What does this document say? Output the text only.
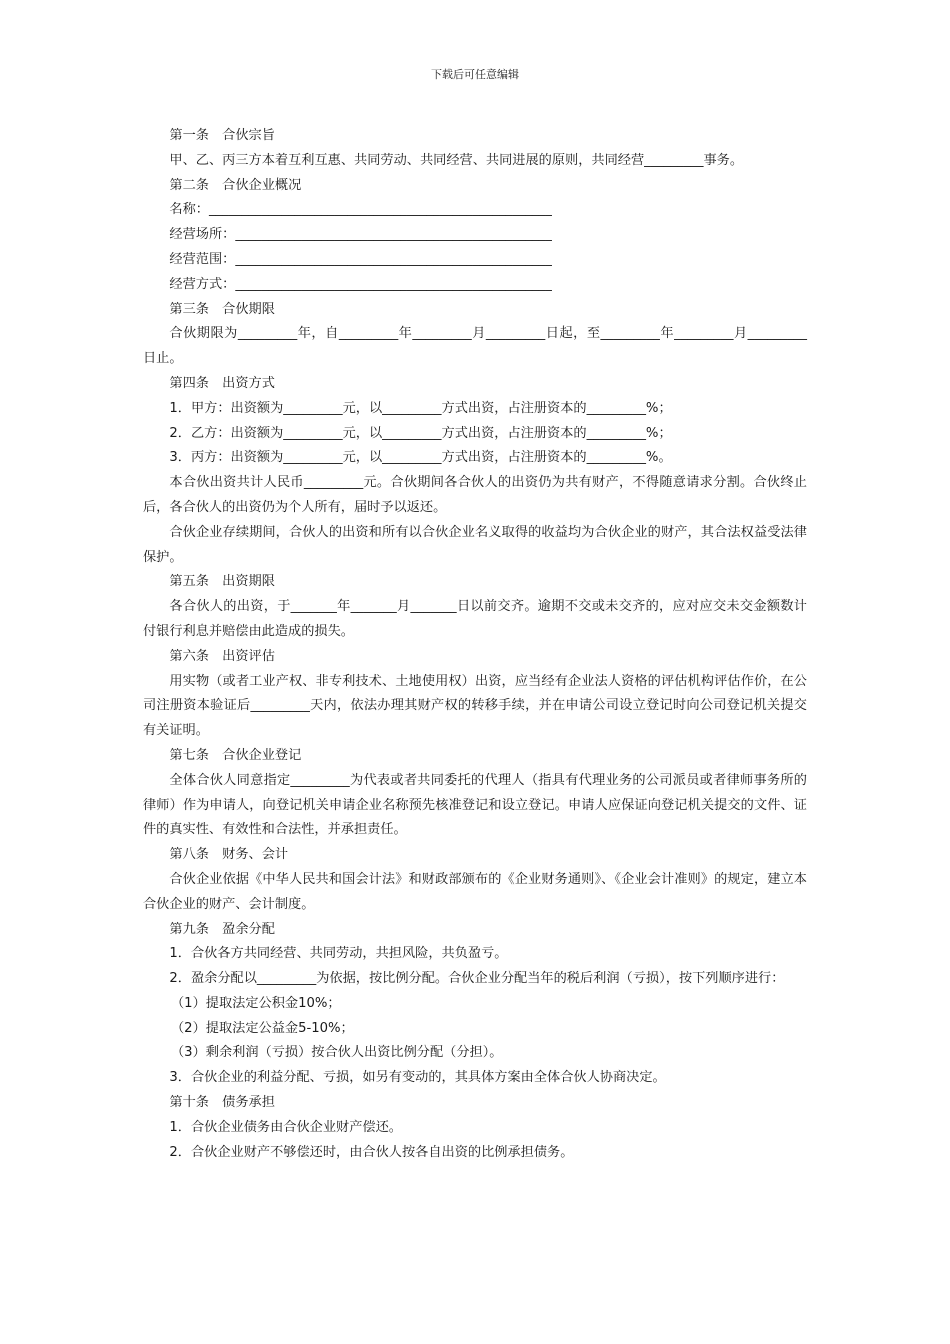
下载后可任意编辑

第一条　合伙宗旨

甲、乙、丙三方本着互利互惠、共同劳动、共同经营、共同进展的原则，共同经营_________事务。

第二条　合伙企业概况

名称：____________________________________________________

经营场所：________________________________________________

经营范围：________________________________________________

经营方式：________________________________________________

第三条　合伙期限

合伙期限为_________年，自_________年_________月_________日起，至_________年_________月_________日止。

第四条　出资方式

1．甲方：出资额为_________元，以_________方式出资，占注册资本的_________%；

2．乙方：出资额为_________元，以_________方式出资，占注册资本的_________%；

3．丙方：出资额为_________元，以_________方式出资，占注册资本的_________%。

本合伙出资共计人民币_________元。合伙期间各合伙人的出资仍为共有财产，不得随意请求分割。合伙终止后，各合伙人的出资仍为个人所有，届时予以返还。

合伙企业存续期间，合伙人的出资和所有以合伙企业名义取得的收益均为合伙企业的财产，其合法权益受法律保护。

第五条　出资期限

各合伙人的出资，于_______年_______月_______日以前交齐。逾期不交或未交齐的，应对应交未交金额数计付银行利息并赔偿由此造成的损失。

第六条　出资评估

用实物（或者工业产权、非专利技术、土地使用权）出资，应当经有企业法人资格的评估机构评估作价，在公司注册资本验证后_________天内，依法办理其财产权的转移手续，并在申请公司设立登记时向公司登记机关提交有关证明。

第七条　合伙企业登记

全体合伙人同意指定_________为代表或者共同委托的代理人（指具有代理业务的公司派员或者律师事务所的律师）作为申请人，向登记机关申请企业名称预先核准登记和设立登记。申请人应保证向登记机关提交的文件、证件的真实性、有效性和合法性，并承担责任。

第八条　财务、会计

合伙企业依据《中华人民共和国会计法》和财政部颁布的《企业财务通则》、《企业会计准则》的规定，建立本合伙企业的财产、会计制度。

第九条　盈余分配

1．合伙各方共同经营、共同劳动，共担风险，共负盈亏。

2．盈余分配以_________为依据，按比例分配。合伙企业分配当年的税后利润（亏损），按下列顺序进行：

（1）提取法定公积金10%；

（2）提取法定公益金5-10%；

（3）剩余利润（亏损）按合伙人出资比例分配（分担）。

3．合伙企业的利益分配、亏损，如另有变动的，其具体方案由全体合伙人协商决定。

第十条　债务承担

1．合伙企业债务由合伙企业财产偿还。

2．合伙企业财产不够偿还时，由合伙人按各自出资的比例承担债务。
